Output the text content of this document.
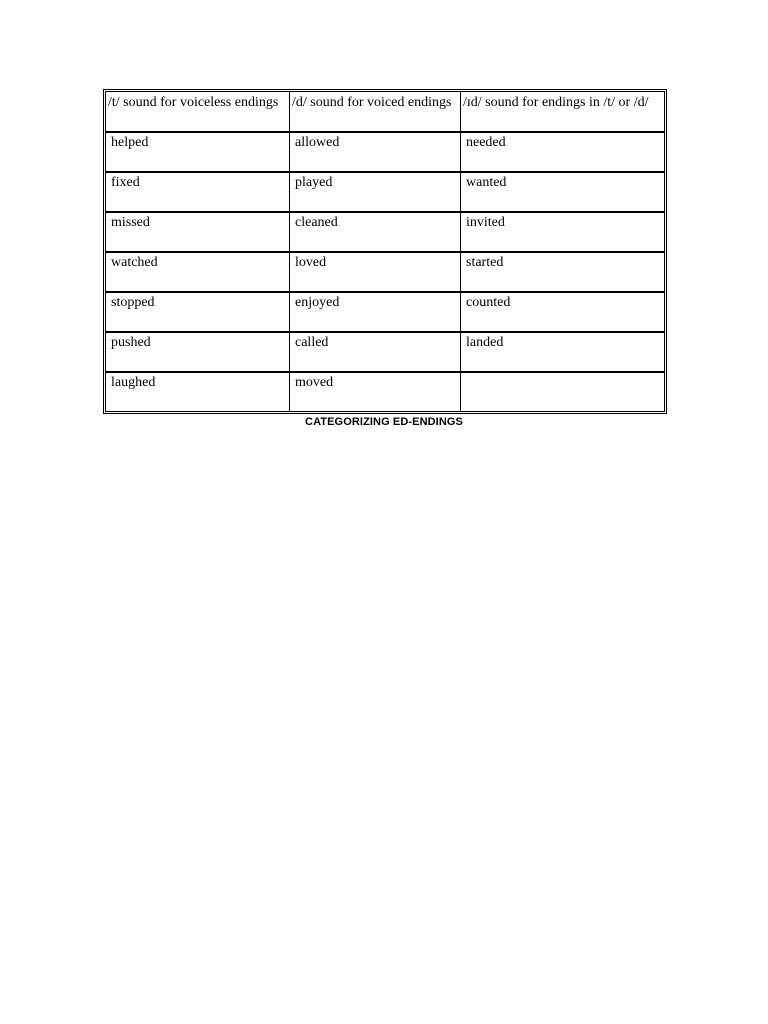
/t/ sound for voiceless endings	/d/ sound for voiced endings	/ɪd/ sound for endings in /t/ or /d/
helped	allowed	needed
fixed	played	wanted
missed	cleaned	invited
watched	loved	started
stopped	enjoyed	counted
pushed	called	landed
laughed	moved	
CATEGORIZING ED-ENDINGS
